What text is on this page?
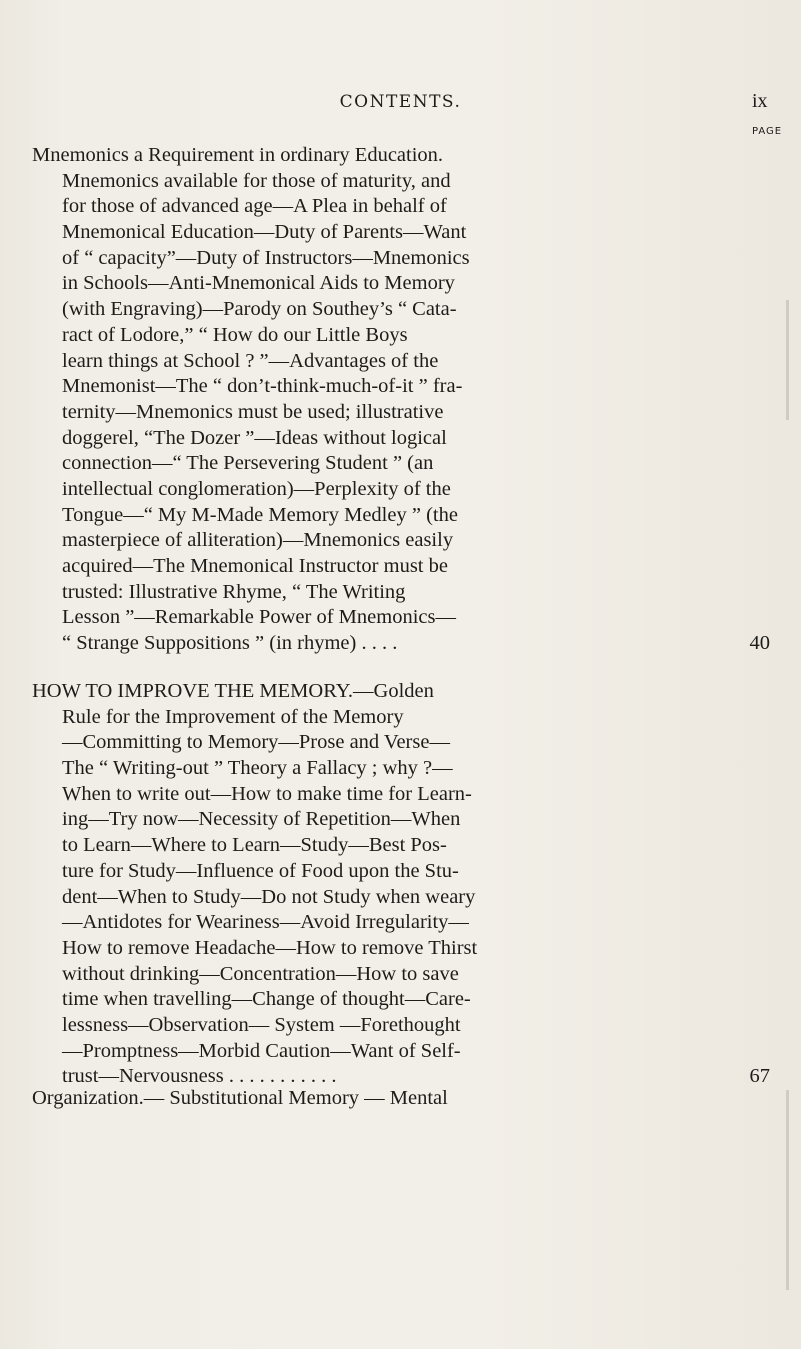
CONTENTS.	ix
PAGE
Mnemonics a Requirement in ordinary Education.
Mnemonics available for those of maturity, and
for those of advanced age—A Plea in behalf of
Mnemonical Education—Duty of Parents—Want
of “ capacity”—Duty of Instructors—Mnemonics
in Schools—Anti-Mnemonical Aids to Memory
(with Engraving)—Parody on Southey’s “ Cata-
ract of Lodore,” “ How do our Little Boys
learn things at School ? ”—Advantages of the
Mnemonist—The “ don’t-think-much-of-it ” fra-
ternity—Mnemonics must be used; illustrative
doggerel, “The Dozer ”—Ideas without logical
connection—“ The Persevering Student ” (an
intellectual conglomeration)—Perplexity of the
Tongue—“ My M-Made Memory Medley ” (the
masterpiece of alliteration)—Mnemonics easily
acquired—The Mnemonical Instructor must be
trusted: Illustrative Rhyme, “ The Writing
Lesson ”—Remarkable Power of Mnemonics—
“ Strange Suppositions ” (in rhyme) . . . .	40
HOW TO IMPROVE THE MEMORY.—Golden
Rule for the Improvement of the Memory
—Committing to Memory—Prose and Verse—
The “ Writing-out ” Theory a Fallacy ; why ?—
When to write out—How to make time for Learn-
ing—Try now—Necessity of Repetition—When
to Learn—Where to Learn—Study—Best Pos-
ture for Study—Influence of Food upon the Stu-
dent—When to Study—Do not Study when weary
—Antidotes for Weariness—Avoid Irregularity—
How to remove Headache—How to remove Thirst
without drinking—Concentration—How to save
time when travelling—Change of thought—Care-
lessness—Observation— System —Forethought
—Promptness—Morbid Caution—Want of Self-
trust—Nervousness . . . . . . . . . . .	67
Organization.— Substitutional Memory — Mental
